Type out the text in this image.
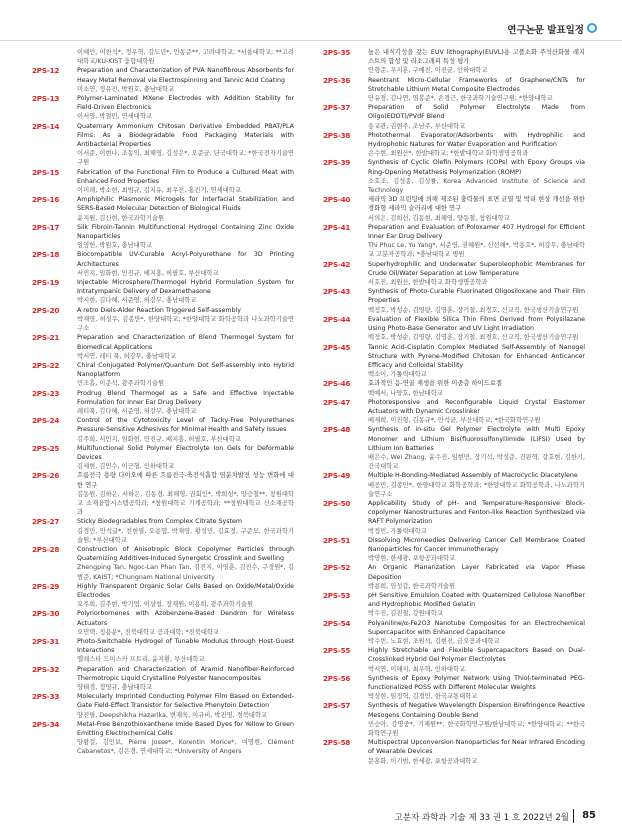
연구논문 발표일정
이혜인, 이찬석*, 정우혁, 김도년*, 안동준**, 고려대학교; *서울대학교; **고려대학교/KU-KIST 융합대학원
2PS-12	Preparation and Characterization of PVA Nanofibrous Absorbents for Heavy Metal Removal via Electrospinning and Tannic Acid Coating
미소연, 정유진, 박원호, 충남대학교
2PS-13	Polymer-Laminated MXene Electrodes with Addition Stability for Field-Driven Electronics
이서영, 박철민, 연세대학교
2PS-14	Quaternary Ammonium Chitosan Derivative Embedded PBAT/PLA Films: As a Biodegradable Food Packaging Materials with Antibacterial Properties
이서준, 이현나, 조동익, 최해영, 김성은*, 오준균, 단국대학교; *한국전자기술연구원
2PS-15	Fabrication of the Functional Film to Produce a Cultured Meat with Enhanced Food Properties
이미래, 박소현, 최범규, 김지유, 최우진, 홍진기, 연세대학교
2PS-16	Amphiphilic Plasmonic Microgels for Interfacial Stabilization and SERS-Based Molecular Detection of Biological Fluids
윤지원, 김신현, 한국과학기술원
2PS-17	Silk Fibroin-Tannin Multifunctional Hydrogel Containing Zinc Oxide Nanoparticles
임영헌, 박원호, 충남대학교
2PS-18	Biocompatible UV-Curable Acryl-Polyurethane for 3D Printing Architectures
서민지, 임화현, 민진규, 배지홍, 허필호, 부산대학교
2PS-19	Injectable Microsphere/Thermogel Hybrid Formulation System for Intratympanic Delivery of Dexamethasone
박지현, 김다혜, 서준영, 허강무, 충남대학교
2PS-20	A retro Diels-Alder Reaction Triggered Self-assembly
박재영, 허성우, 김종만*, 한양대학교; *한양대학교 화학공학과 나노과학기술연구소
2PS-21	Preparation and Characterization of Blend Thermogel System for Biomedical Applications
박서연, 레티 푹, 허강무, 충남대학교
2PS-22	Chiral Conjugated Polymer/Quantum Dot Self-assembly into Hybrid Nanoplatform
민조흠, 이준석, 광주과학기술원
2PS-23	Prodrug Blend Thermogel as a Safe and Effective Injectable Formulation for Inner Ear Drug Delivery
레티푹, 김다혜, 서준영, 허강무, 충남대학교
2PS-24	Control of the Cytotoxicity Level of Tacky-Free Polyurethanes Pressure-Sensitive Adhesives for Minimal Health and Safety Issues
김주희, 서민지, 임화헌, 민진규, 배지홍, 허필호, 부산대학교
2PS-25	Multifunctional Solid Polymer Electrolyte Ion Gels for Deformable Devices
김세현, 김민수, 이근형, 인하대학교
2PS-26	흐름전극 용량 다이오에 따른 흐름전극-축전식흡합 염분차발전 성능 변화에 대한 연구
김동원, 김하은, 서하은, 김동경, 최해영, 권회인*, 박희성*, 양승철**, 창원대학교 소재융합시스템공학과; *창원대학교 기계공학과; **창원대학교 신소재공학과
2PS-27	Sticky Biodegradables from Complex Citrate System
김경민, 안석글*, 전현열, 오용엽, 박재영, 황성민, 김효정, 구준모, 한국과학기술원; *부산대학교
2PS-28	Construction of Anisotropic Block Copolymer Particles through Quaternizing Additives-Induced Synergetic Crosslink and Swelling
Zhengping Tan, Ngoc-Lan Phan Tan, 김진지, 이영훈, 김진수, 구경원*, 김범준, KAIST; *Chungnam National University
2PS-29	Highly Transparent Organic Solar Cells Based on Oxide/Metal/Oxide Electrodes
오주희, 김주현, 박기엽, 이상섭, 장재원, 이용희, 광주과학기술원
2PS-30	Polynorbornenes with Azobenzene-Based Dendron for Wireless Actuators
오민택, 정용운*, 전북대학교 공과대학; *전북대학교
2PS-31	Photo-Switchable Hydrogel of Tunable Modulus through Host-Guest Interactions
엘레스타 드미스카 프트리, 윤지환, 부산대학교
2PS-32	Preparation and Characterization of Aramid Nanofiber-Reinforced Thermotropic Liquid Crystalline Polyester Nanocomposites
양태경, 정영규, 충남대학교
2PS-33	Molecularly Imprinted Conducting Polymer Film Based on Extended-Gate Field-Effect Transistor for Selective Phenytoin Detection
양진필, Deepshikha Hazarika, 변재욱, 이규비, 박진명, 경북대학교
2PS-34	Metal-Free Benzothioxanthene Imide Based Dyes for Yellow to Green Emitting Electrochemical Cells
양왕걸, 김인보, Pierre Josse*, Korentin Morice*, 여명현, Clément Cabanetos*, 김은경, 연세대학교; *University of Angers
2PS-35	높은 내식각성을 갖는 EUV lithography(EUVL)용 고플소화 주석산화물 레지스트의 합성 및 리소그래피 특성 평가
안형준, 우지훈, 구예진, 이진균, 인하대학교
2PS-36	Reentrant Micro-Cellular Frameworks of Graphene/CNTs for Stretchable Lithium Metal Composite Electrodes
안유경, 김나연, 염봉준*, 손경근, 한국과학기술연구원; *한양대학교
2PS-37	Preparation of Solid Polymer Electrolyte Made from Oligo(EDOT)/PVdF Blend
송교관, 권현주, 조남주, 부산대학교
2PS-38	Photothermal Evaporator/Adsorbents with Hydrophilic and Hydrophobic Natures for Water Evaporation and Purification
손수현, 최원산*, 한밭대학교; *한밭대학교 화학생명공학과
2PS-39	Synthesis of Cyclic Olefin Polymers (COPs) with Epoxy Groups via Ring-Opening Metathesis Polymerization (ROMP)
소호조, 김성종, 김성률, Korea Advanced Institute of Science and Technology
2PS-40	세라믹 3D 프린팅에 의해 제조된 출력물의 표면 균열 및 박리 현상 개선을 위한 경화형 세라믹 슬러리에 대한 연구
서의은, 김희선, 김동현, 최해영, 양동철, 창원대학교
2PS-41	Preparation and Evaluation of Poloxamer 407 Hydrogel for Efficient Inner Ear Drug Delivery
Thi Phuc Le, Yu Yang*, 서준영, 권혜원*, 신선해*, 박용호*, 허강무, 충남대학교 고분자공학과; *충남대학교 병원
2PS-42	Superhydrophilic and Underwater Superoleophobic Membranes for Crude Oil/Water Separation at Low Temperature
서호진, 최원산, 한밭대학교 화학생명공학과
2PS-43	Synthesis of Photo-Curable Fluorinated Oligosiloxane and Their Film Properties
백정호, 박성순, 김영량, 김영훈, 장기철, 최경호, 신교직, 한국생산기술연구원
2PS-44	Evaluation of Flexible Silica Thin Films Derived from Polysilazane Using Photo-Base Generator and UV Light Irradiation
백정호, 박성순, 김영량, 김영훈, 장기철, 최경호, 신교직, 한국생산기술연구원
2PS-45	Tannic Acid-Cisplatin Complex Mediated Self-Assembly of Nanogel Structure with Pyrene-Modified Chitosan for Enhanced Anticancer Efficacy and Colloidal Stability
백소이, 가톨릭대학교
2PS-46	효과적인 음-연골 재생을 위한 이중층 하이드로겔
백예서, 나양호, 한남대학교
2PS-47	Photoresponsive and Reconfigurable Liquid Crystal Elastomer Actuators with Dynamic Crosslinker
배재희, 이진형, 김동규*, 안석균, 부산대학교; *한국화학연구원
2PS-48	Synthesis of in-situ Gel Polymer Electrolyte with Multi Epoxy Monomer and Lithium Bis(fluorosulfonyl)imide (LiFSI) Used by Lithium Ion Batteries
배은수, Wei Zhang, 윤수진, 임현민, 장기석, 박성준, 건판혁, 강호현, 김한기, 건국대학교
2PS-49	Multiple H-Bonding-Mediated Assembly of Macrocyclic Diacetylene
배공민, 김종만*, 한양대학교 화학공학과; *한양대학교 화학공학과, 나노과학기술연구소
2PS-50	Applicability Study of pH- and Temperature-Responsive Block-copolymer Nanostructures and Fenton-like Reaction Synthesized via RAFT Polymerization
박정민, 가톨릭대학교
2PS-51	Dissolving Microneedles Delivering Cancer Cell Membrane Coated Nanoparticles for Cancer Immunotherapy
박영현, 한세광, 포항공과대학교
2PS-52	An Organic Planarization Layer Fabricated via Vapor Phase Deposition
박용희, 임성갑, 한국과학기술원
2PS-53	pH Sensitive Emulsion Coated with Quaternized Cellulose Nanofiber and Hydrophobic Modified Gelatin
박수진, 김진철, 강원대학교
2PS-54	Polyaniline/α-Fe2O3 Nanotube Composites for an Electrochemical Supercapacitor with Enhanced Capacitance
박수빈, 노효현, 조원석, 김현진, 금오공과대학교
2PS-55	Highly Stretchable and Flexible Supercapacitors Based on Dual-Crosslinked Hybrid Gel Polymer Electrolytes
박서연, 이해지, 최우혁, 인하대학교
2PS-56	Synthesis of Epoxy Polymer Network Using Thiol-terminated PEG-functionalized POSS with Different Molecular Weights
박성현, 임정혁, 김경민, 한국교통대학교
2PS-57	Synthesis of Negative Wavelength Dispersion Birefringence Reactive Mesogens Containing Double Bend
민승아, 강명중*, 기재원**, 한국화학연구원/한남대학교; *한양대학교; **한국화학연구원
2PS-58	Multispectral Upconversion Nanoparticles for Near Infrared Encoding of Wearable Devices
문훈화, 이기범, 한세광, 포항공과대학교
고분자 과학과 기술 제 33 권 1 호 2022년 2월 85
